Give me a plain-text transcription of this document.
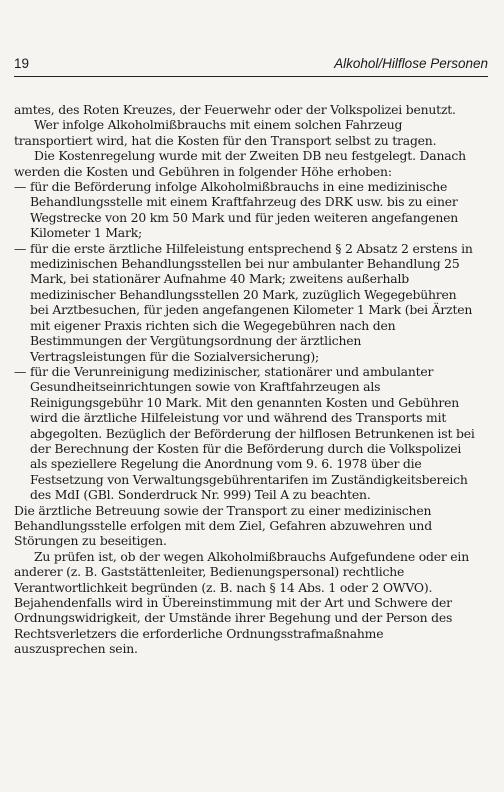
19	Alkohol/Hilflose Personen

amtes, des Roten Kreuzes, der Feuerwehr oder der Volkspolizei benutzt.

Wer infolge Alkoholmißbrauchs mit einem solchen Fahrzeug transportiert wird, hat die Kosten für den Transport selbst zu tragen.

Die Kostenregelung wurde mit der Zweiten DB neu festgelegt. Danach werden die Kosten und Gebühren in folgender Höhe erhoben:

— für die Beförderung infolge Alkoholmißbrauchs in eine medizinische Behandlungsstelle mit einem Kraftfahrzeug des DRK usw. bis zu einer Wegstrecke von 20 km 50 Mark und für jeden weiteren angefangenen Kilometer 1 Mark;
— für die erste ärztliche Hilfeleistung entsprechend § 2 Absatz 2 erstens in medizinischen Behandlungsstellen bei nur ambulanter Behandlung 25 Mark, bei stationärer Aufnahme 40 Mark; zweitens außerhalb medizinischer Behandlungsstellen 20 Mark, zuzüglich Wegegebühren bei Arztbesuchen, für jeden angefangenen Kilometer 1 Mark (bei Ärzten mit eigener Praxis richten sich die Wegegebühren nach den Bestimmungen der Vergütungsordnung der ärztlichen Vertragsleistungen für die Sozialversicherung);
— für die Verunreinigung medizinischer, stationärer und ambulanter Gesundheitseinrichtungen sowie von Kraftfahrzeugen als Reinigungsgebühr 10 Mark. Mit den genannten Kosten und Gebühren wird die ärztliche Hilfeleistung vor und während des Transports mit abgegolten. Bezüglich der Beförderung der hilflosen Betrunkenen ist bei der Berechnung der Kosten für die Beförderung durch die Volkspolizei als speziellere Regelung die Anordnung vom 9. 6. 1978 über die Festsetzung von Verwaltungsgebührentarifen im Zuständigkeitsbereich des MdI (GBl. Sonderdruck Nr. 999) Teil A zu beachten.

Die ärztliche Betreuung sowie der Transport zu einer medizinischen Behandlungsstelle erfolgen mit dem Ziel, Gefahren abzuwehren und Störungen zu beseitigen.

Zu prüfen ist, ob der wegen Alkoholmißbrauchs Aufgefundene oder ein anderer (z. B. Gaststättenleiter, Bedienungspersonal) rechtliche Verantwortlichkeit begründen (z. B. nach § 14 Abs. 1 oder 2 OWVO). Bejahendenfalls wird in Übereinstimmung mit der Art und Schwere der Ordnungswidrigkeit, der Umstände ihrer Begehung und der Person des Rechtsverletzers die erforderliche Ordnungsstrafmaßnahme auszusprechen sein.
